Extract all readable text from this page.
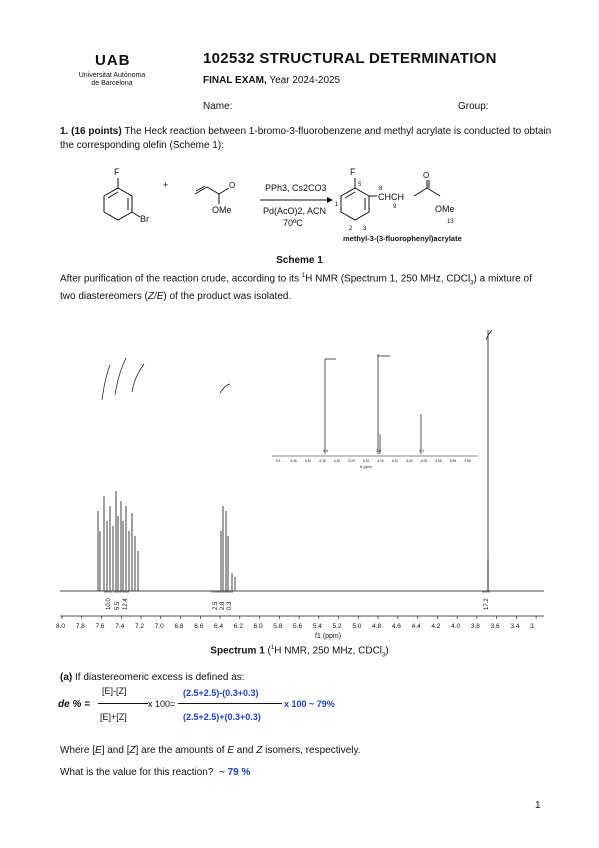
UAB
Universitat Autònoma
de Barcelona
102532 STRUCTURAL DETERMINATION
FINAL EXAM, Year 2024-2025
Name:	Group:
1. (16 points) The Heck reaction between 1-bromo-3-fluorobenzene and methyl acrylate is conducted to obtain the corresponding olefin (Scheme 1):
F
Br
+	O
OMe
PPh3, Cs2CO3
Pd(AcO)2, ACN
70ºC
F
CHCH
O
OMe
methyl-3-(3-fluorophenyl)acrylate
1
2 3
5
8
9
13
Scheme 1
After purification of the reaction crude, according to its $^1$H NMR (Spectrum 1, 250 MHz, CDCl$_3$) a mixture of two diastereomers (Z/E) of the product was isolated.
10.0 5.5 12.4	2.5 2.8 0.3	17.2
8.0 7.8 7.6 7.4 7.2 7.0 6.8 6.6 6.4 6.2 6.0 5.8 5.6 5.4 5.2 5.0 4.8 4.6 4.4 4.2 4.0 3.8 3.6 3.4 3.
f1 (ppm)
6.5	6.45	6.40	6.35	6.30	6.25	6.20	6.15	6.10	6.05	6.00	5.95	5.90	5.85
2.5	2.8	0.3
f1 (ppm)
Spectrum 1 ($^1$H NMR, 250 MHz, CDCl$_3$)
(a) If diastereomeric excess is defined as:
de % =
[E]-[Z]
[E]+[Z]
x 100=
(2.5+2.5)-(0.3+0.3)
(2.5+2.5)+(0.3+0.3)
x 100 ~ 79%
Where [E] and [Z] are the amounts of E and Z isomers, respectively.
What is the value for this reaction? ~ 79 %
1
